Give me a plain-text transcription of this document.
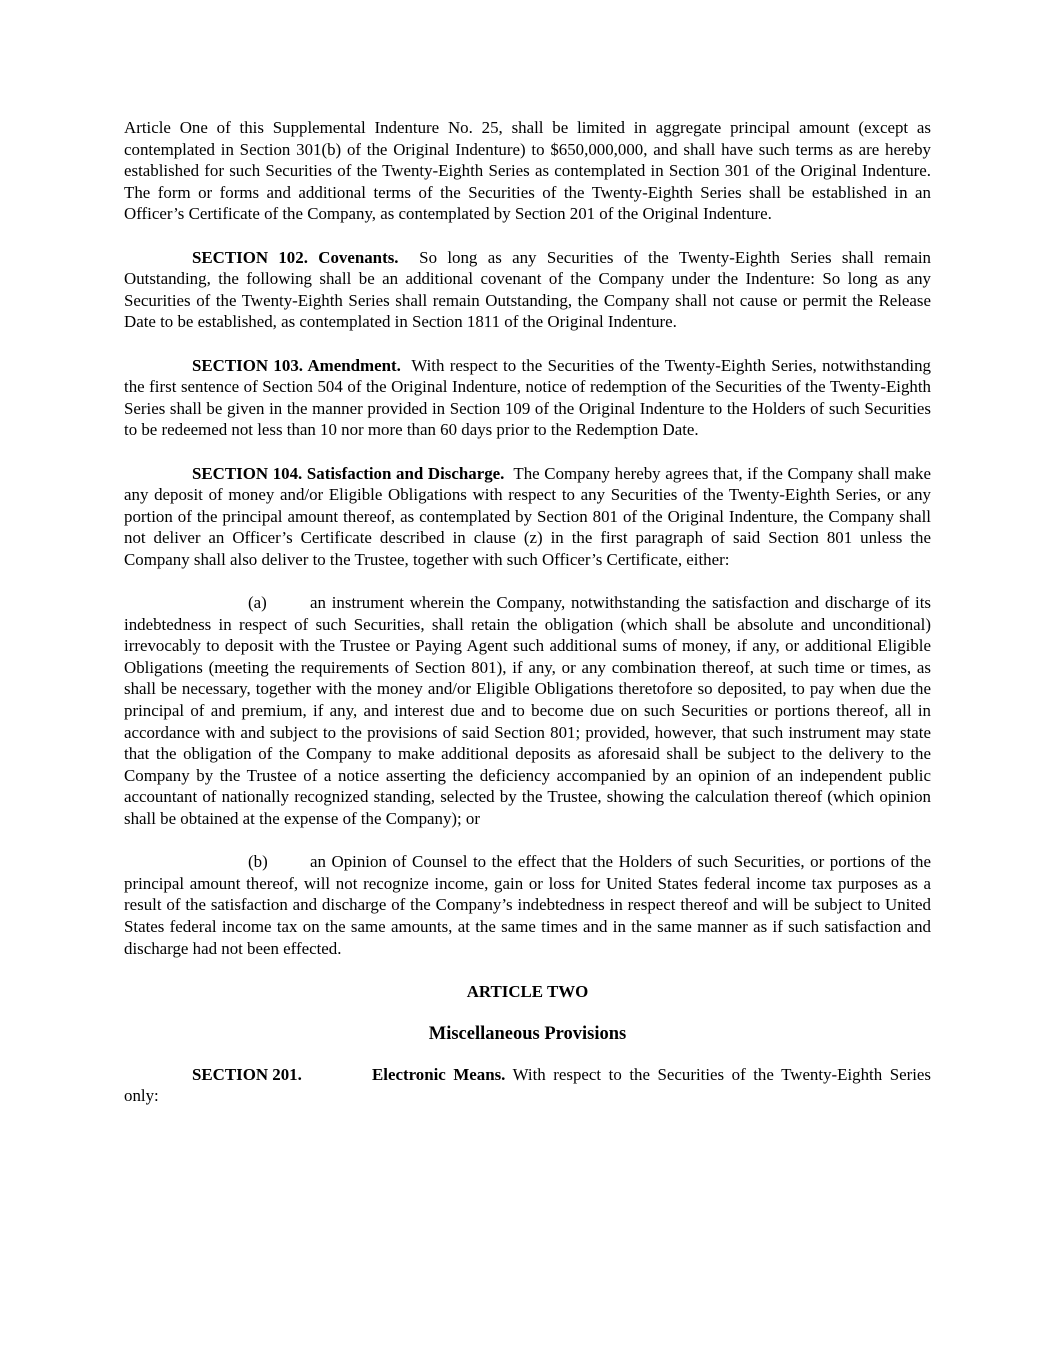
Article One of this Supplemental Indenture No. 25, shall be limited in aggregate principal amount (except as contemplated in Section 301(b) of the Original Indenture) to $650,000,000, and shall have such terms as are hereby established for such Securities of the Twenty-Eighth Series as contemplated in Section 301 of the Original Indenture. The form or forms and additional terms of the Securities of the Twenty-Eighth Series shall be established in an Officer’s Certificate of the Company, as contemplated by Section 201 of the Original Indenture.

SECTION 102. Covenants. So long as any Securities of the Twenty-Eighth Series shall remain Outstanding, the following shall be an additional covenant of the Company under the Indenture: So long as any Securities of the Twenty-Eighth Series shall remain Outstanding, the Company shall not cause or permit the Release Date to be established, as contemplated in Section 1811 of the Original Indenture.

SECTION 103. Amendment. With respect to the Securities of the Twenty-Eighth Series, notwithstanding the first sentence of Section 504 of the Original Indenture, notice of redemption of the Securities of the Twenty-Eighth Series shall be given in the manner provided in Section 109 of the Original Indenture to the Holders of such Securities to be redeemed not less than 10 nor more than 60 days prior to the Redemption Date.

SECTION 104. Satisfaction and Discharge. The Company hereby agrees that, if the Company shall make any deposit of money and/or Eligible Obligations with respect to any Securities of the Twenty-Eighth Series, or any portion of the principal amount thereof, as contemplated by Section 801 of the Original Indenture, the Company shall not deliver an Officer’s Certificate described in clause (z) in the first paragraph of said Section 801 unless the Company shall also deliver to the Trustee, together with such Officer’s Certificate, either:

(a)	an instrument wherein the Company, notwithstanding the satisfaction and discharge of its indebtedness in respect of such Securities, shall retain the obligation (which shall be absolute and unconditional) irrevocably to deposit with the Trustee or Paying Agent such additional sums of money, if any, or additional Eligible Obligations (meeting the requirements of Section 801), if any, or any combination thereof, at such time or times, as shall be necessary, together with the money and/or Eligible Obligations theretofore so deposited, to pay when due the principal of and premium, if any, and interest due and to become due on such Securities or portions thereof, all in accordance with and subject to the provisions of said Section 801; provided, however, that such instrument may state that the obligation of the Company to make additional deposits as aforesaid shall be subject to the delivery to the Company by the Trustee of a notice asserting the deficiency accompanied by an opinion of an independent public accountant of nationally recognized standing, selected by the Trustee, showing the calculation thereof (which opinion shall be obtained at the expense of the Company); or

(b)	an Opinion of Counsel to the effect that the Holders of such Securities, or portions of the principal amount thereof, will not recognize income, gain or loss for United States federal income tax purposes as a result of the satisfaction and discharge of the Company’s indebtedness in respect thereof and will be subject to United States federal income tax on the same amounts, at the same times and in the same manner as if such satisfaction and discharge had not been effected.

ARTICLE TWO
Miscellaneous Provisions

SECTION 201.	Electronic Means. With respect to the Securities of the Twenty-Eighth Series only:
